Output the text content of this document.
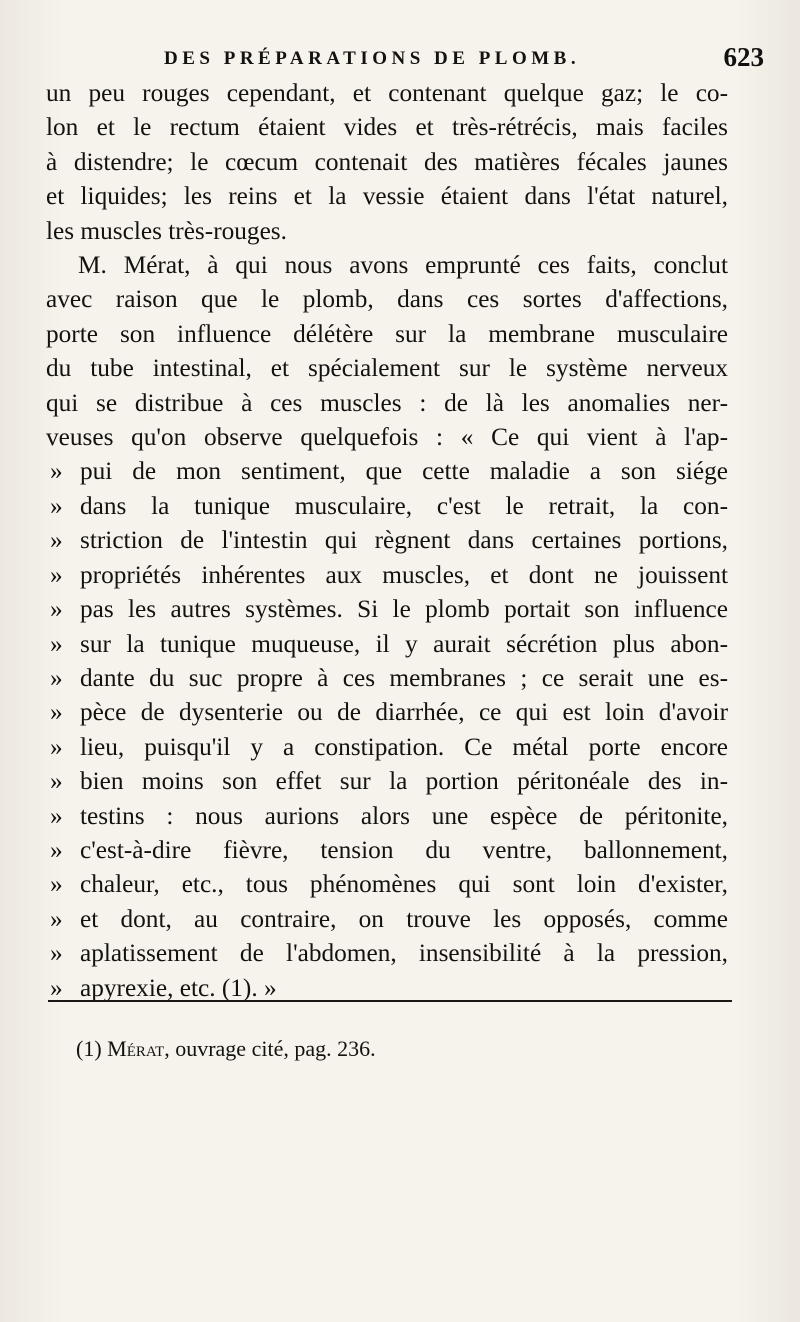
DES PRÉPARATIONS DE PLOMB.	623
un peu rouges cependant, et contenant quelque gaz; le co-
lon et le rectum étaient vides et très-rétrécis, mais faciles
à distendre; le cœcum contenait des matières fécales jaunes
et liquides; les reins et la vessie étaient dans l'état naturel,
les muscles très-rouges.
M. Mérat, à qui nous avons emprunté ces faits, conclut
avec raison que le plomb, dans ces sortes d'affections,
porte son influence délétère sur la membrane musculaire
du tube intestinal, et spécialement sur le système nerveux
qui se distribue à ces muscles : de là les anomalies ner-
veuses qu'on observe quelquefois : « Ce qui vient à l'ap-
» pui de mon sentiment, que cette maladie a son siége
» dans la tunique musculaire, c'est le retrait, la con-
» striction de l'intestin qui règnent dans certaines portions,
» propriétés inhérentes aux muscles, et dont ne jouissent
» pas les autres systèmes. Si le plomb portait son influence
» sur la tunique muqueuse, il y aurait sécrétion plus abon-
» dante du suc propre à ces membranes ; ce serait une es-
» pèce de dysenterie ou de diarrhée, ce qui est loin d'avoir
» lieu, puisqu'il y a constipation. Ce métal porte encore
» bien moins son effet sur la portion péritonéale des in-
» testins : nous aurions alors une espèce de péritonite,
» c'est-à-dire fièvre, tension du ventre, ballonnement,
» chaleur, etc., tous phénomènes qui sont loin d'exister,
» et dont, au contraire, on trouve les opposés, comme
» aplatissement de l'abdomen, insensibilité à la pression,
» apyrexie, etc. (1). »
(1) Mérat, ouvrage cité, pag. 236.
